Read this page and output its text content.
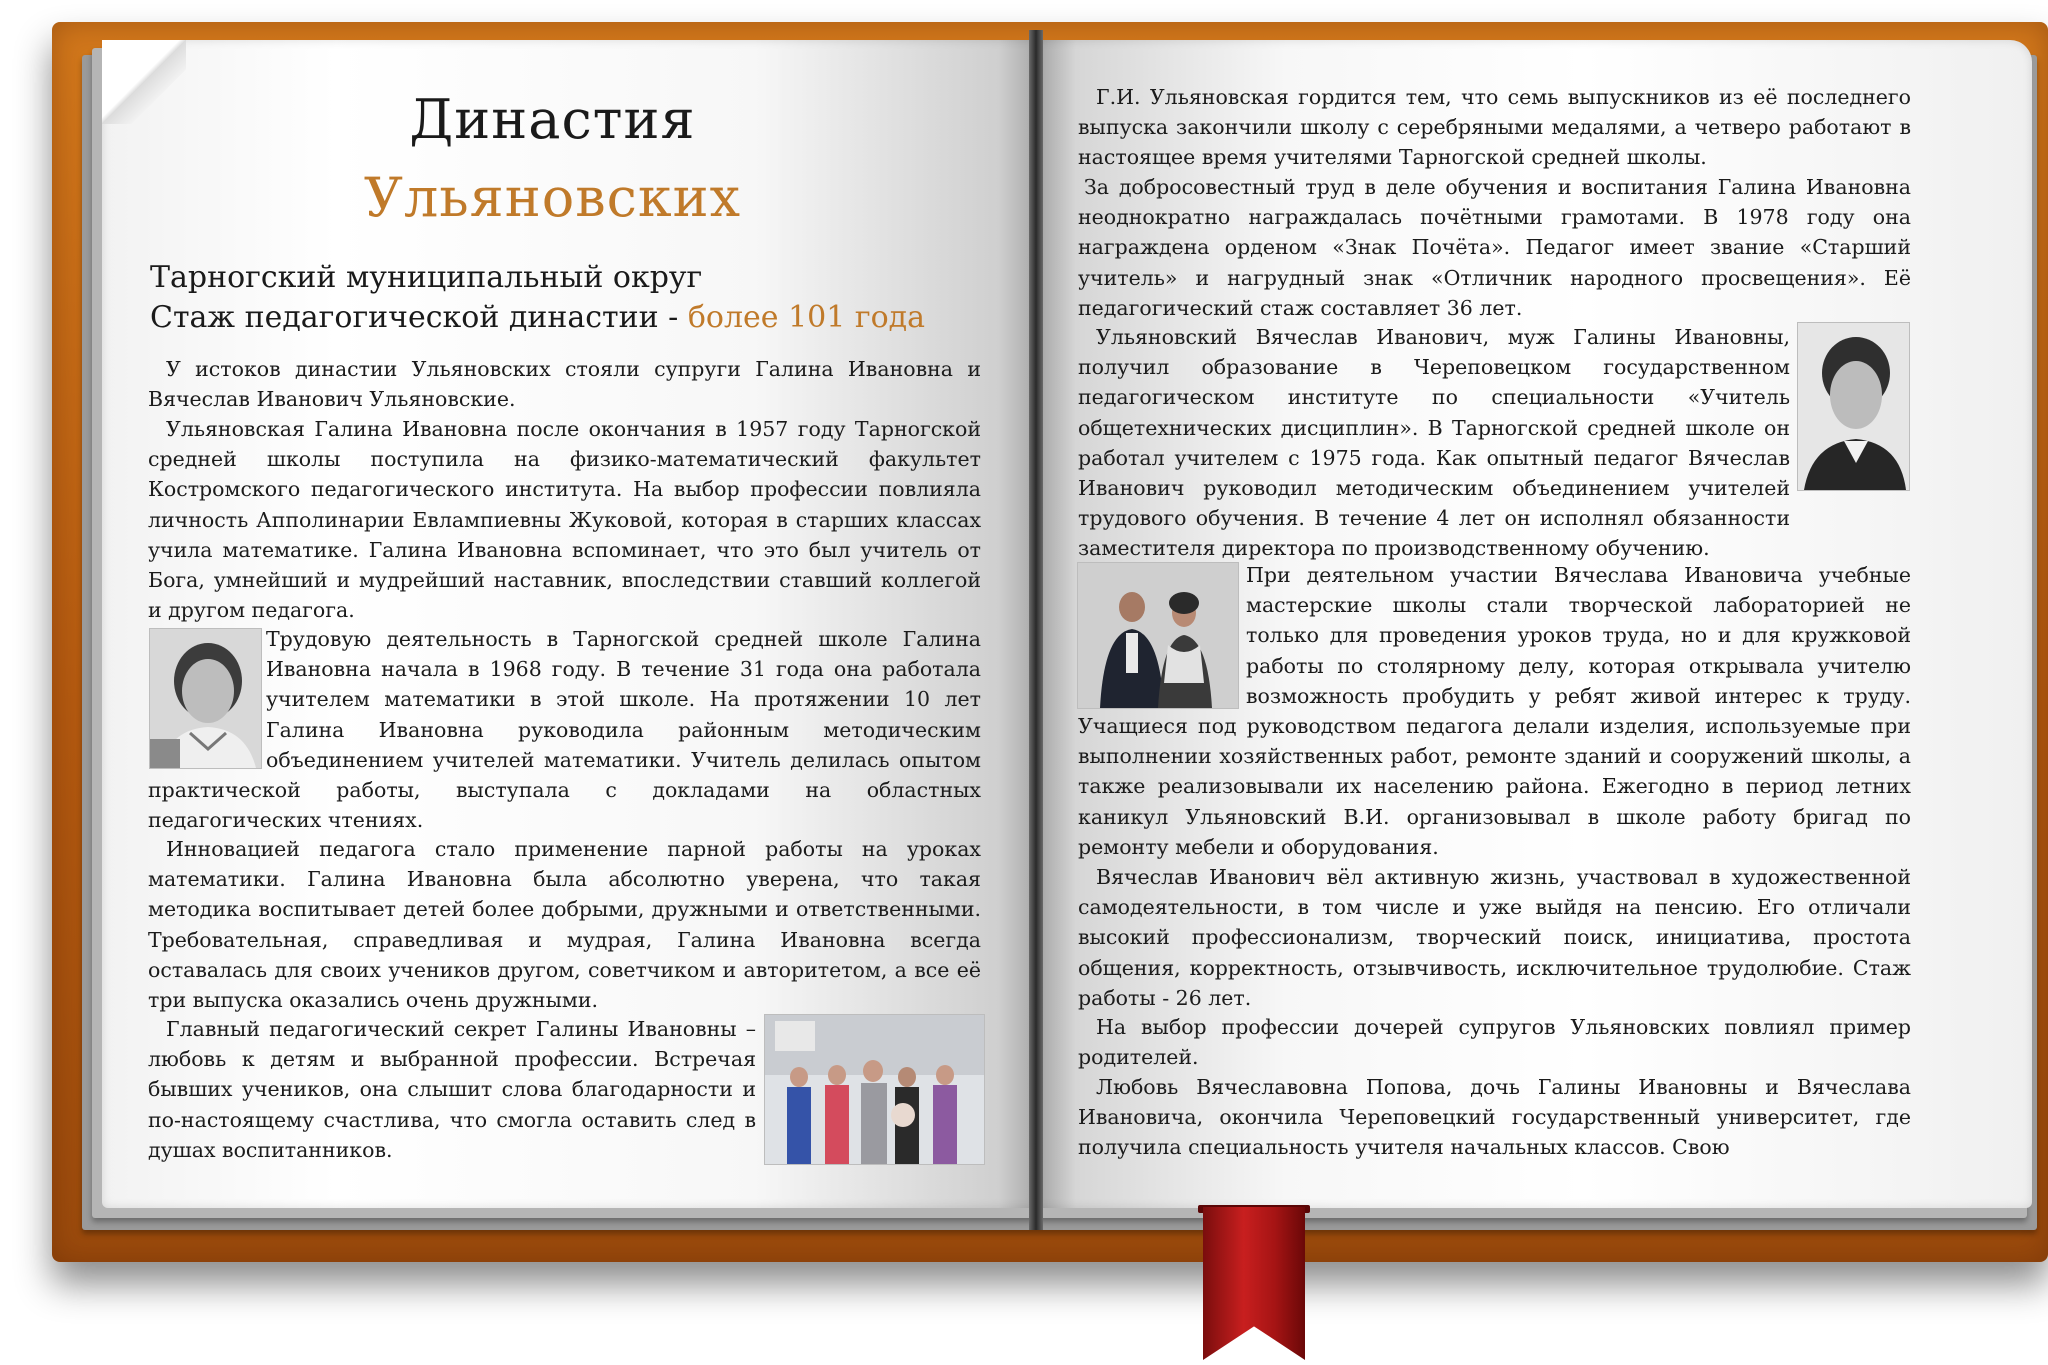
Династия
Ульяновских
Тарногский муниципальный округ
Стаж педагогической династии - более 101 года

У истоков династии Ульяновских стояли супруги Галина Ивановна и Вячеслав Иванович Ульяновские.

Ульяновская Галина Ивановна после окончания в 1957 году Тарногской средней школы поступила на физико-математический факультет Костромского педагогического института. На выбор профессии повлияла личность Апполинарии Евлампиевны Жуковой, которая в старших классах учила математике. Галина Ивановна вспоминает, что это был учитель от Бога, умнейший и мудрейший наставник, впоследствии ставший коллегой и другом педагога.

Трудовую деятельность в Тарногской средней школе Галина Ивановна начала в 1968 году. В течение 31 года она работала учителем математики в этой школе. На протяжении 10 лет Галина Ивановна руководила районным методическим объединением учителей математики. Учитель делилась опытом практической работы, выступала с докладами на областных педагогических чтениях.

Инновацией педагога стало применение парной работы на уроках математики. Галина Ивановна была абсолютно уверена, что такая методика воспитывает детей более добрыми, дружными и ответственными. Требовательная, справедливая и мудрая, Галина Ивановна всегда оставалась для своих учеников другом, советчиком и авторитетом, а все её три выпуска оказались очень дружными.

Главный педагогический секрет Галины Ивановны – любовь к детям и выбранной профессии. Встречая бывших учеников, она слышит слова благодарности и по-настоящему счастлива, что смогла оставить след в душах воспитанников.

Г.И. Ульяновская гордится тем, что семь выпускников из её последнего выпуска закончили школу с серебряными медалями, а четверо работают в настоящее время учителями Тарногской средней школы.

За добросовестный труд в деле обучения и воспитания Галина Ивановна неоднократно награждалась почётными грамотами. В 1978 году она награждена орденом «Знак Почёта». Педагог имеет звание «Старший учитель» и нагрудный знак «Отличник народного просвещения». Её педагогический стаж составляет 36 лет.

Ульяновский Вячеслав Иванович, муж Галины Ивановны, получил образование в Череповецком государственном педагогическом институте по специальности «Учитель общетехнических дисциплин». В Тарногской средней школе он работал учителем с 1975 года. Как опытный педагог Вячеслав Иванович руководил методическим объединением учителей трудового обучения. В течение 4 лет он исполнял обязанности заместителя директора по производственному обучению.

При деятельном участии Вячеслава Ивановича учебные мастерские школы стали творческой лабораторией не только для проведения уроков труда, но и для кружковой работы по столярному делу, которая открывала учителю возможность пробудить у ребят живой интерес к труду. Учащиеся под руководством педагога делали изделия, используемые при выполнении хозяйственных работ, ремонте зданий и сооружений школы, а также реализовывали их населению района. Ежегодно в период летних каникул Ульяновский В.И. организовывал в школе работу бригад по ремонту мебели и оборудования.

Вячеслав Иванович вёл активную жизнь, участвовал в художественной самодеятельности, в том числе и уже выйдя на пенсию. Его отличали высокий профессионализм, творческий поиск, инициатива, простота общения, корректность, отзывчивость, исключительное трудолюбие. Стаж работы - 26 лет.

На выбор профессии дочерей супругов Ульяновских повлиял пример родителей.

Любовь Вячеславовна Попова, дочь Галины Ивановны и Вячеслава Ивановича, окончила Череповецкий государственный университет, где получила специальность учителя начальных классов. Свою
